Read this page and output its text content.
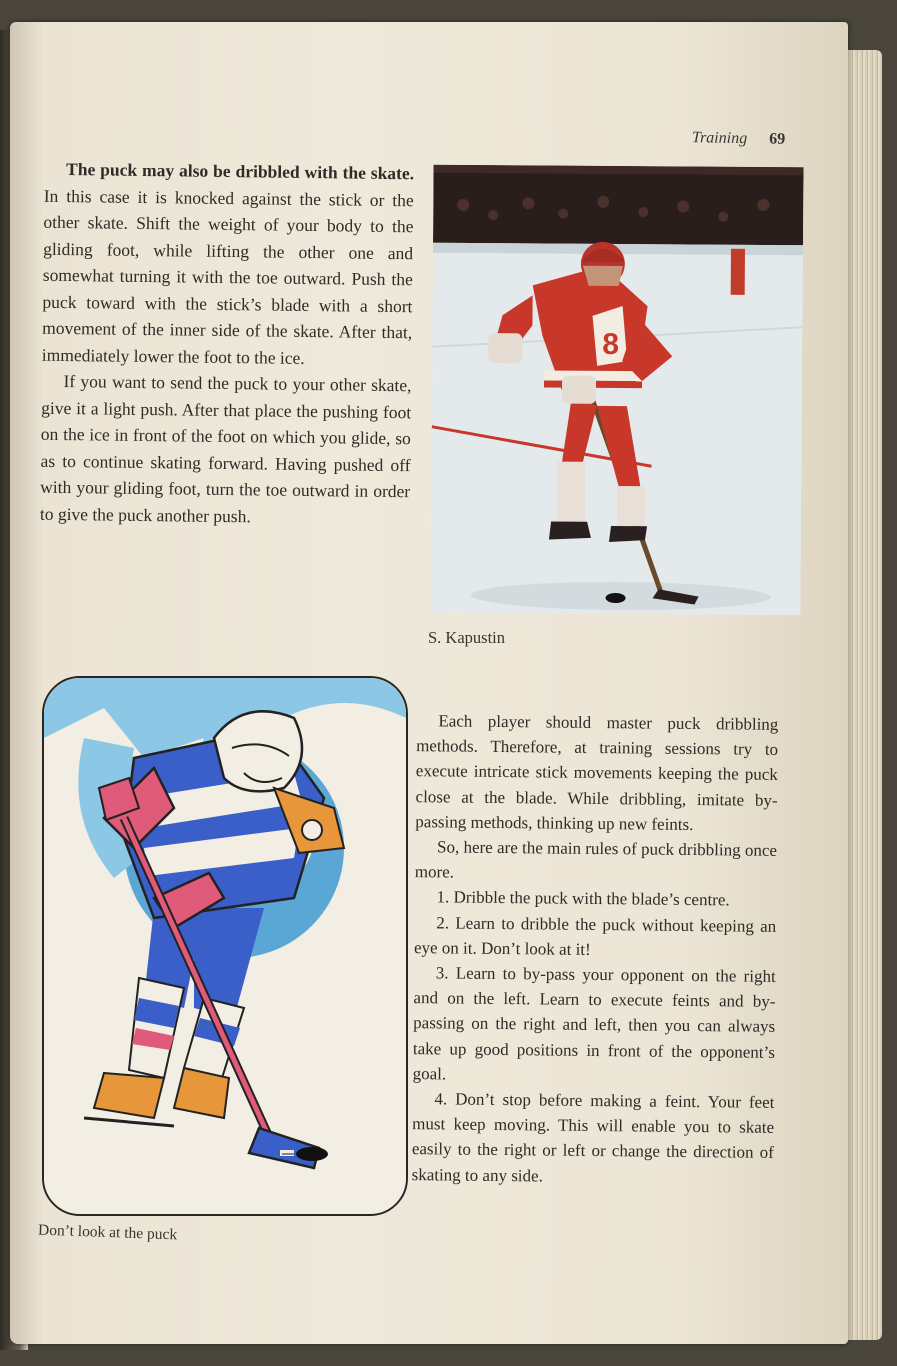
Training 69

The puck may also be dribbled with the skate. In this case it is knocked against the stick or the other skate. Shift the weight of your body to the gliding foot, while lifting the other one and somewhat turning it with the toe outward. Push the puck toward with the stick’s blade with a short movement of the inner side of the skate. After that, immediately lower the foot to the ice.

If you want to send the puck to your other skate, give it a light push. After that place the pushing foot on the ice in front of the foot on which you glide, so as to continue skating forward. Having pushed off with your gliding foot, turn the toe outward in order to give the puck another push.

8
S. Kapustin
Don’t look at the puck

Each player should master puck dribbling methods. Therefore, at training sessions try to execute intricate stick movements keeping the puck close at the blade. While dribbling, imitate by-passing methods, thinking up new feints.

So, here are the main rules of puck dribbling once more.

1. Dribble the puck with the blade’s centre.

2. Learn to dribble the puck without keeping an eye on it. Don’t look at it!

3. Learn to by-pass your opponent on the right and on the left. Learn to execute feints and by-passing on the right and left, then you can always take up good positions in front of the opponent’s goal.

4. Don’t stop before making a feint. Your feet must keep moving. This will enable you to skate easily to the right or left or change the direction of skating to any side.
